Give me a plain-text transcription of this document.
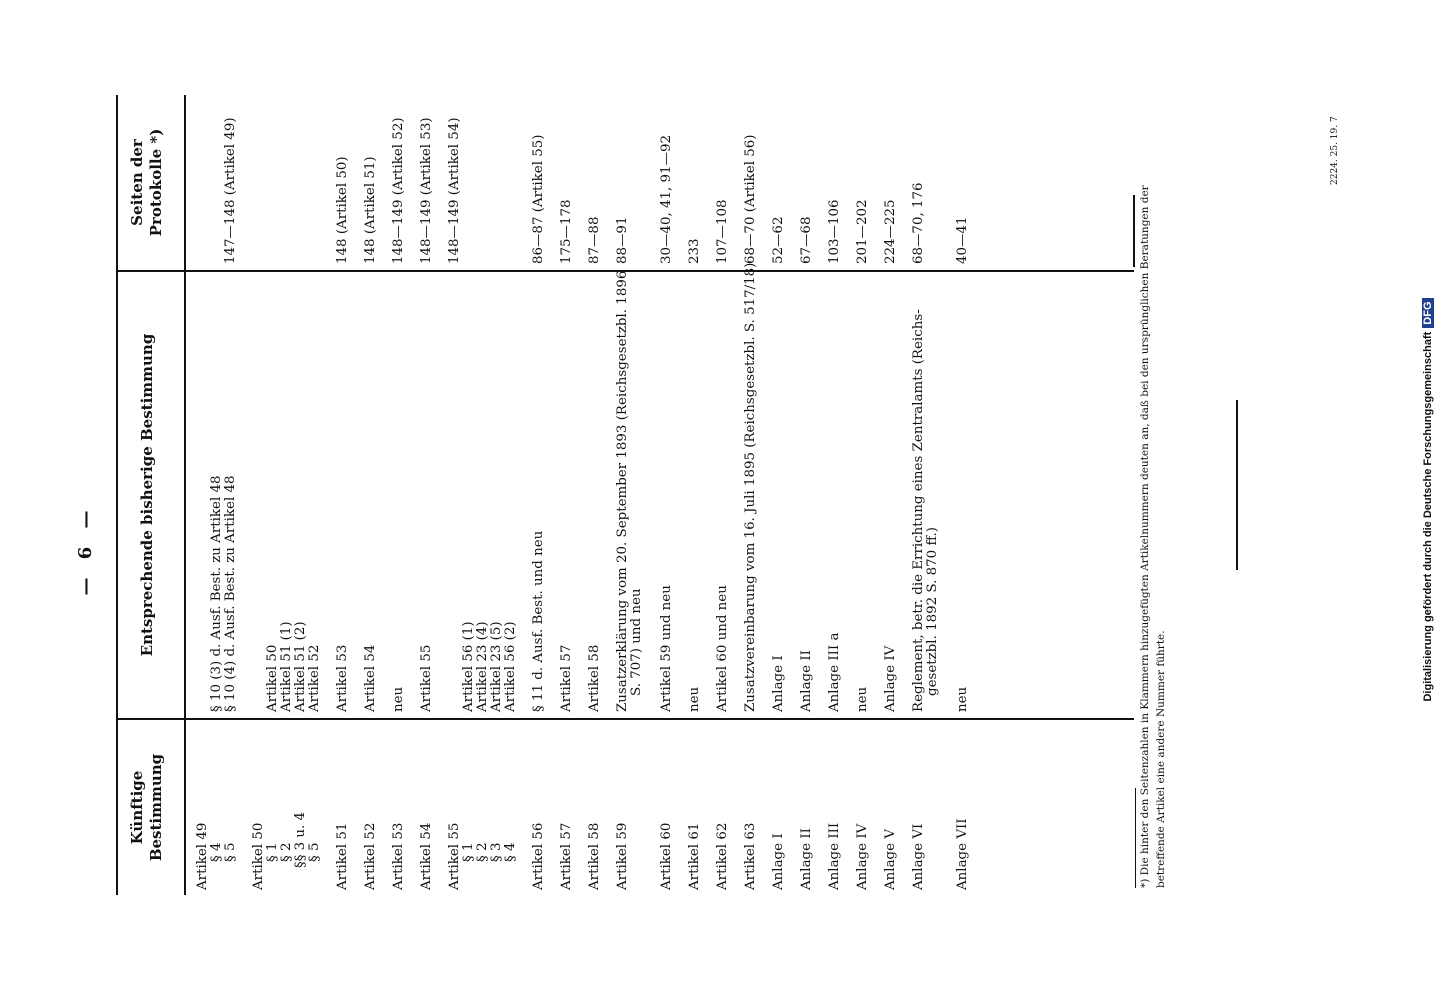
— 6 —
Künftige Bestimmung
Entsprechende bisherige Bestimmung
Seiten der Protokolle *)
Artikel 49 § 4
§ 10 (3) d. Ausf. Best. zu Artikel 48
§ 5
§ 10 (4) d. Ausf. Best. zu Artikel 48
147—148 (Artikel 49)
Artikel 50 § 1
Artikel 50
§ 2
Artikel 51 (1)
§§ 3 u. 4
Artikel 51 (2)
§ 5
Artikel 52
Artikel 51
Artikel 53
148 (Artikel 50)
Artikel 52
Artikel 54
148 (Artikel 51)
Artikel 53
neu
148—149 (Artikel 52)
Artikel 54
Artikel 55
148—149 (Artikel 53)
Artikel 55
148—149 (Artikel 54)
§ 1
Artikel 56 (1)
§ 2
Artikel 23 (4)
§ 3
Artikel 23 (5)
§ 4
Artikel 56 (2)
Artikel 56
§ 11 d. Ausf. Best. und neu
86—87 (Artikel 55)
Artikel 57
Artikel 57
175—178
Artikel 58
Artikel 58
87—88
Artikel 59
Zusatzerklärung vom 20. September 1893 (Reichsgesetzbl. 1896 S. 707) und neu
88—91
Artikel 60
Artikel 59 und neu
30—40, 41, 91—92
Artikel 61
neu
233
Artikel 62
Artikel 60 und neu
107—108
Artikel 63
Zusatzvereinbarung vom 16. Juli 1895 (Reichsgesetzbl. S. 517/18)
68—70 (Artikel 56)
Anlage I
Anlage I
52—62
Anlage II
Anlage II
67—68
Anlage III
Anlage III a
103—106
Anlage IV
neu
201—202
Anlage V
Anlage IV
224—225
Anlage VI
Reglement, betr. die Errichtung eines Zentralamts (Reichs- gesetzbl. 1892 S. 870 ff.)
68—70, 176
Anlage VII
neu
40—41	*) Die hinter den Seitenzahlen in Klammern hinzugefügten Artikelnummern deuten an, daß bei den ursprünglichen Beratungen der betreffende Artikel eine andere Nummer führte.
2224. 25. 19. 7
Digitalisierung gefördert durch die Deutsche ForschungsgemeinschaftDFG
